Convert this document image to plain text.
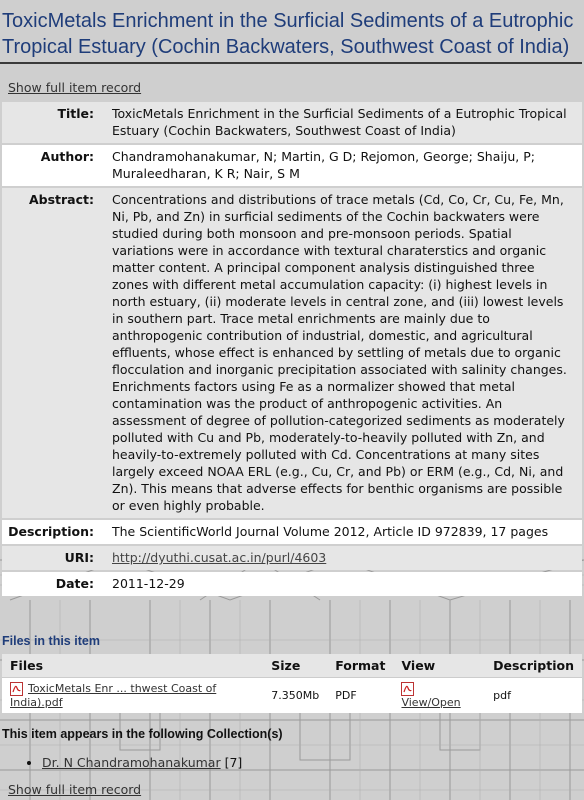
ToxicMetals Enrichment in the Surficial Sediments of a Eutrophic Tropical Estuary (Cochin Backwaters, Southwest Coast of India)
Show full item record
Title:	ToxicMetals Enrichment in the Surficial Sediments of a Eutrophic Tropical Estuary (Cochin Backwaters, Southwest Coast of India)
Author:	Chandramohanakumar, N; Martin, G D; Rejomon, George; Shaiju, P; Muraleedharan, K R; Nair, S M
Abstract:	Concentrations and distributions of trace metals (Cd, Co, Cr, Cu, Fe, Mn, Ni, Pb, and Zn) in surficial sediments of the Cochin backwaters were studied during both monsoon and pre-monsoon periods. Spatial variations were in accordance with textural charaterstics and organic matter content. A principal component analysis distinguished three zones with different metal accumulation capacity: (i) highest levels in north estuary, (ii) moderate levels in central zone, and (iii) lowest levels in southern part. Trace metal enrichments are mainly due to anthropogenic contribution of industrial, domestic, and agricultural effluents, whose effect is enhanced by settling of metals due to organic flocculation and inorganic precipitation associated with salinity changes. Enrichments factors using Fe as a normalizer showed that metal contamination was the product of anthropogenic activities. An assessment of degree of pollution-categorized sediments as moderately polluted with Cu and Pb, moderately-to-heavily polluted with Zn, and heavily-to-extremely polluted with Cd. Concentrations at many sites largely exceed NOAA ERL (e.g., Cu, Cr, and Pb) or ERM (e.g., Cd, Ni, and Zn). This means that adverse effects for benthic organisms are possible or even highly probable.
Description:	The ScientificWorld Journal Volume 2012, Article ID 972839, 17 pages
URI:	http://dyuthi.cusat.ac.in/purl/4603
Date:	2011-12-29
Files in this item
Files	Size	Format	View	Description
ToxicMetals Enr ... thwest Coast of India).pdf	7.350Mb	PDF	View/Open	pdf
This item appears in the following Collection(s)
• Dr. N Chandramohanakumar [7]
Show full item record
